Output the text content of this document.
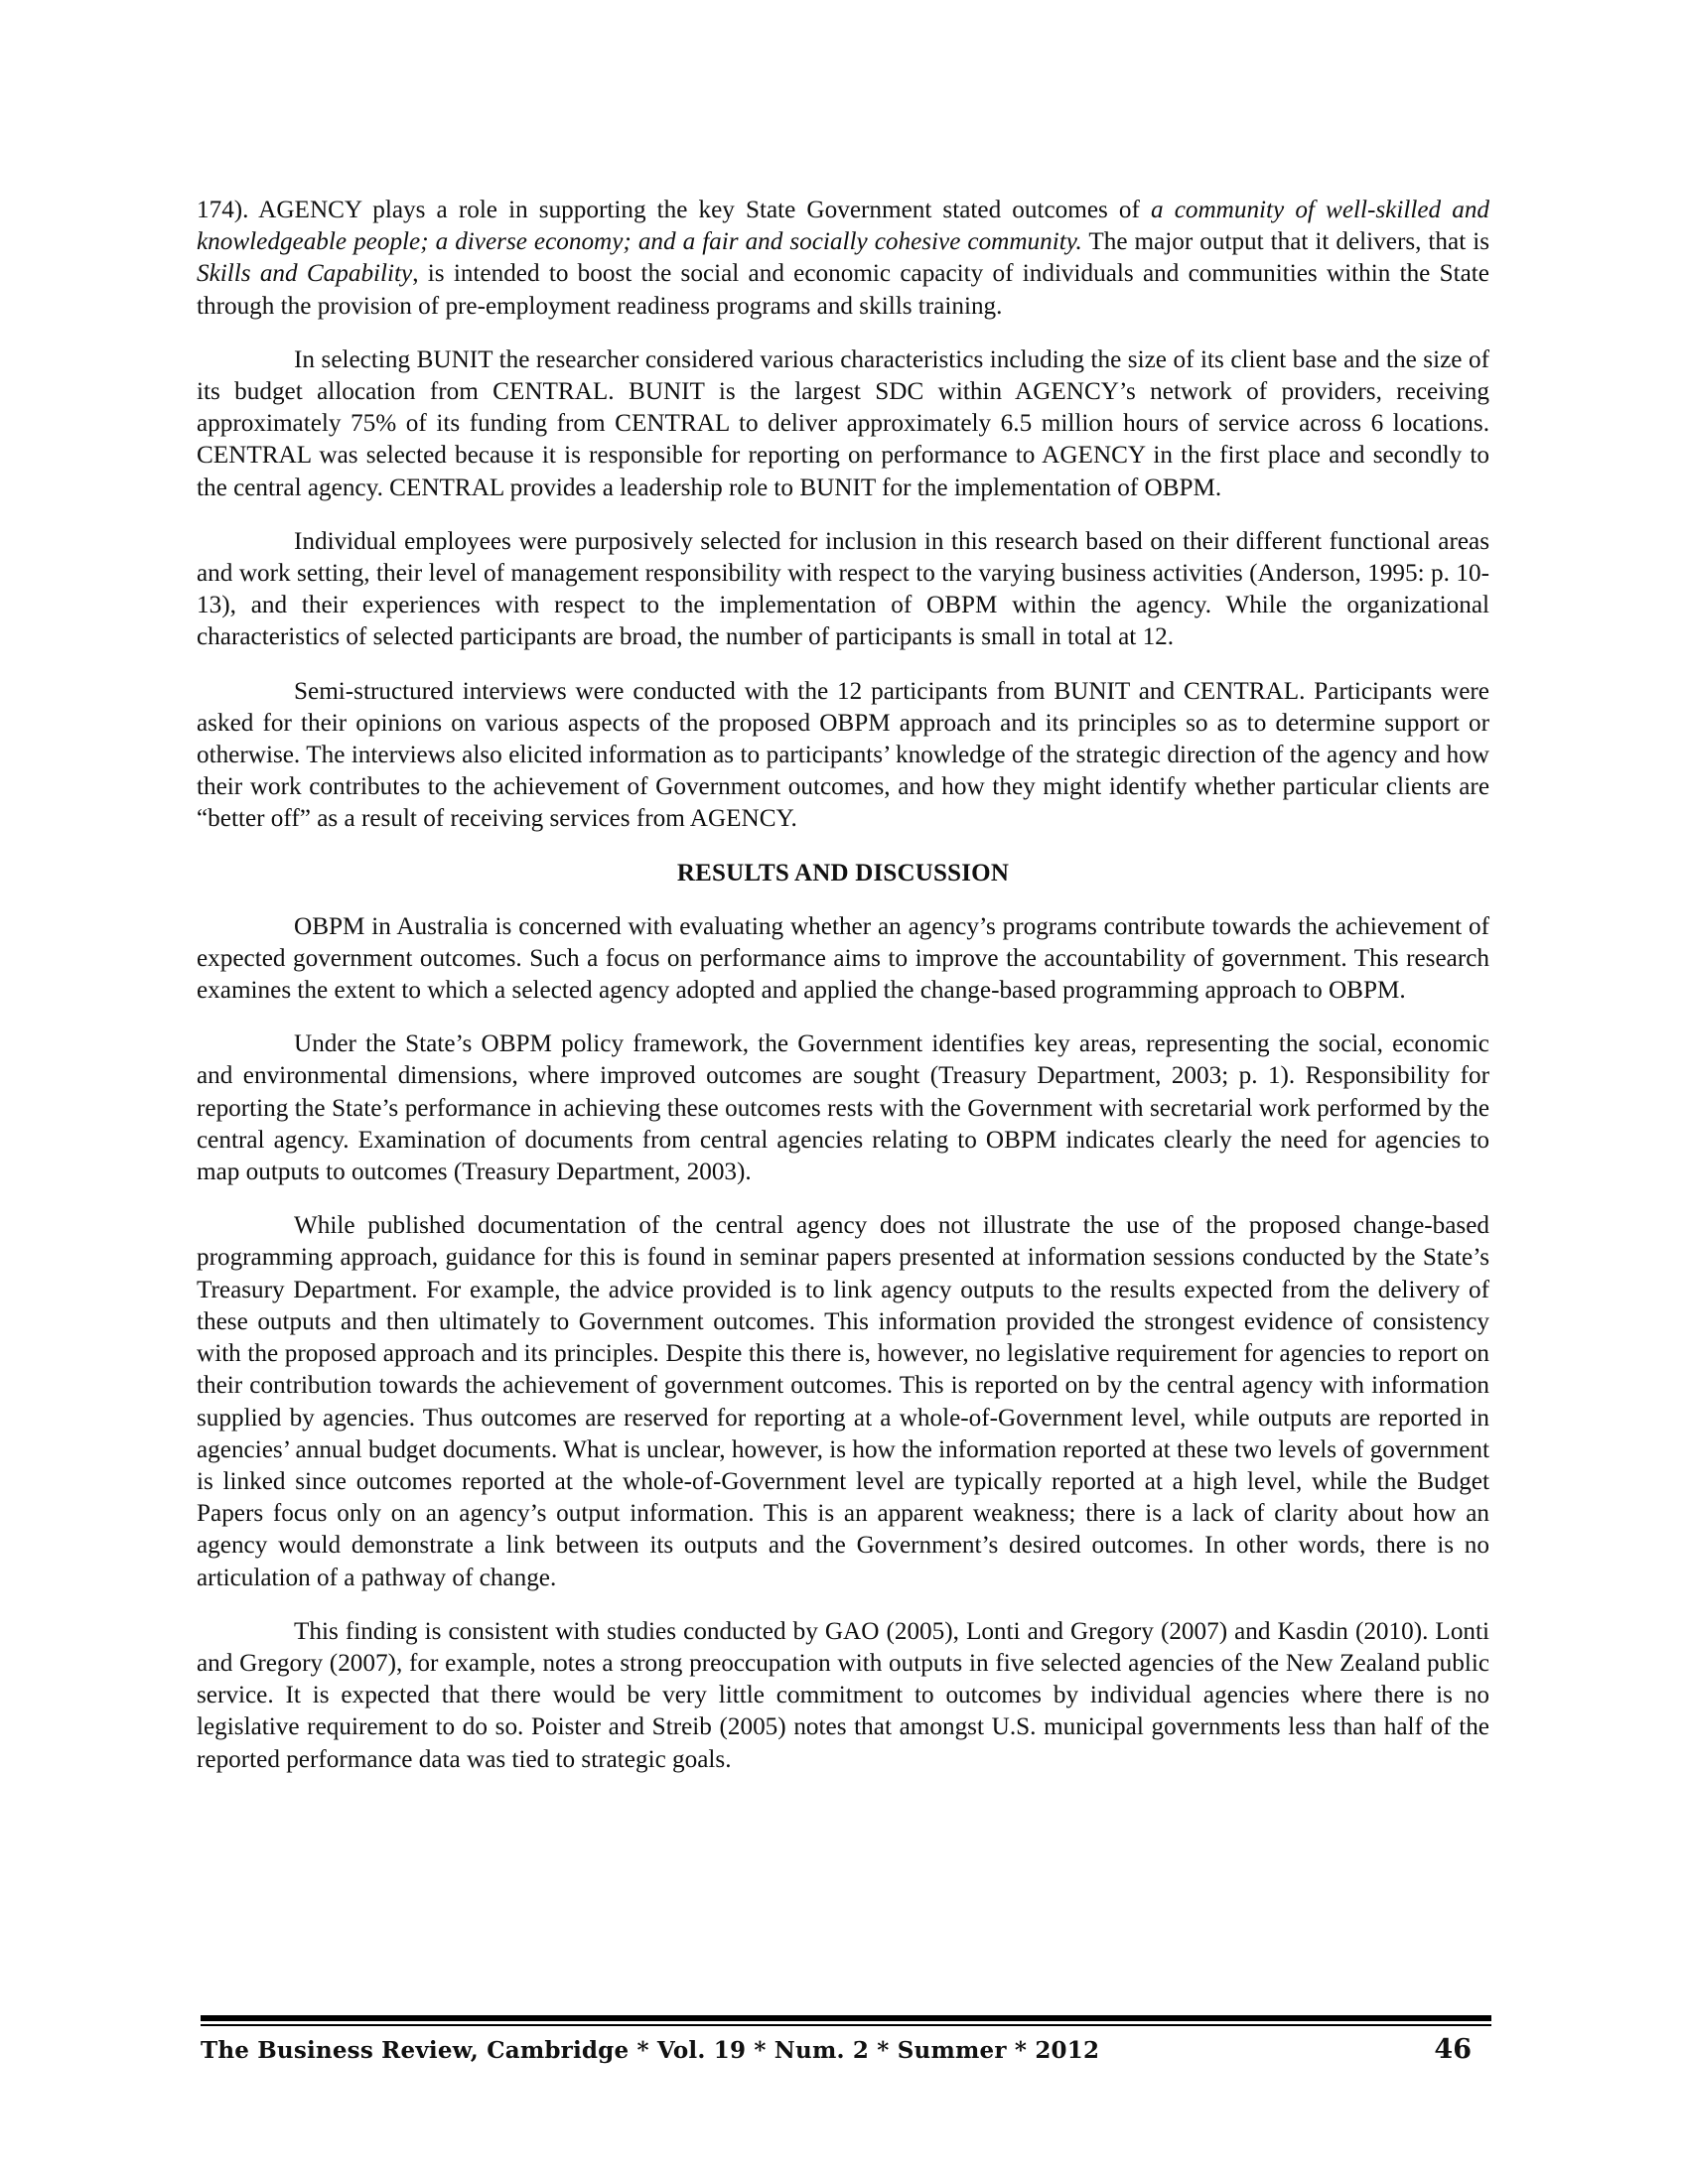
174). AGENCY plays a role in supporting the key State Government stated outcomes of a community of well-skilled and knowledgeable people; a diverse economy; and a fair and socially cohesive community. The major output that it delivers, that is Skills and Capability, is intended to boost the social and economic capacity of individuals and communities within the State through the provision of pre-employment readiness programs and skills training.

In selecting BUNIT the researcher considered various characteristics including the size of its client base and the size of its budget allocation from CENTRAL. BUNIT is the largest SDC within AGENCY’s network of providers, receiving approximately 75% of its funding from CENTRAL to deliver approximately 6.5 million hours of service across 6 locations. CENTRAL was selected because it is responsible for reporting on performance to AGENCY in the first place and secondly to the central agency. CENTRAL provides a leadership role to BUNIT for the implementation of OBPM.

Individual employees were purposively selected for inclusion in this research based on their different functional areas and work setting, their level of management responsibility with respect to the varying business activities (Anderson, 1995: p. 10-13), and their experiences with respect to the implementation of OBPM within the agency. While the organizational characteristics of selected participants are broad, the number of participants is small in total at 12.

Semi-structured interviews were conducted with the 12 participants from BUNIT and CENTRAL. Participants were asked for their opinions on various aspects of the proposed OBPM approach and its principles so as to determine support or otherwise. The interviews also elicited information as to participants’ knowledge of the strategic direction of the agency and how their work contributes to the achievement of Government outcomes, and how they might identify whether particular clients are “better off” as a result of receiving services from AGENCY.

RESULTS AND DISCUSSION

OBPM in Australia is concerned with evaluating whether an agency’s programs contribute towards the achievement of expected government outcomes. Such a focus on performance aims to improve the accountability of government. This research examines the extent to which a selected agency adopted and applied the change-based programming approach to OBPM.

Under the State’s OBPM policy framework, the Government identifies key areas, representing the social, economic and environmental dimensions, where improved outcomes are sought (Treasury Department, 2003; p. 1). Responsibility for reporting the State’s performance in achieving these outcomes rests with the Government with secretarial work performed by the central agency. Examination of documents from central agencies relating to OBPM indicates clearly the need for agencies to map outputs to outcomes (Treasury Department, 2003).

While published documentation of the central agency does not illustrate the use of the proposed change-based programming approach, guidance for this is found in seminar papers presented at information sessions conducted by the State’s Treasury Department. For example, the advice provided is to link agency outputs to the results expected from the delivery of these outputs and then ultimately to Government outcomes. This information provided the strongest evidence of consistency with the proposed approach and its principles. Despite this there is, however, no legislative requirement for agencies to report on their contribution towards the achievement of government outcomes. This is reported on by the central agency with information supplied by agencies. Thus outcomes are reserved for reporting at a whole-of-Government level, while outputs are reported in agencies’ annual budget documents. What is unclear, however, is how the information reported at these two levels of government is linked since outcomes reported at the whole-of-Government level are typically reported at a high level, while the Budget Papers focus only on an agency’s output information. This is an apparent weakness; there is a lack of clarity about how an agency would demonstrate a link between its outputs and the Government’s desired outcomes. In other words, there is no articulation of a pathway of change.

This finding is consistent with studies conducted by GAO (2005), Lonti and Gregory (2007) and Kasdin (2010). Lonti and Gregory (2007), for example, notes a strong preoccupation with outputs in five selected agencies of the New Zealand public service. It is expected that there would be very little commitment to outcomes by individual agencies where there is no legislative requirement to do so. Poister and Streib (2005) notes that amongst U.S. municipal governments less than half of the reported performance data was tied to strategic goals.

The Business Review, Cambridge * Vol. 19 * Num. 2 * Summer * 2012	46
